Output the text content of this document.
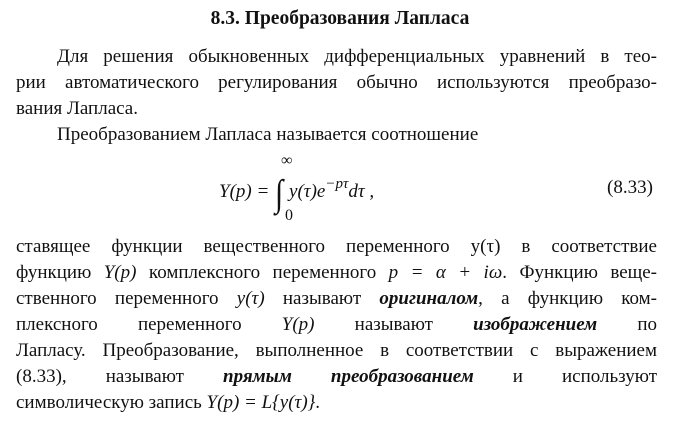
8.3. Преобразования Лапласа
Для решения обыкновенных дифференциальных уравнений в тео-
рии автоматического регулирования обычно используются преобразо-
вания Лапласа.
Преобразованием Лапласа называется соотношение
∞
Y(p) = ∫ $y(\tau)e^{-p\tau}d\tau$ ,
0
(8.33)
ставящее функции вещественного переменного y(τ) в соответствие
функцию Y(p) комплексного переменного p = α + iω. Функцию веще-
ственного переменного y(τ) называют оригиналом, а функцию ком-
плексного переменного Y(p) называют изображением по
Лапласу. Преобразование, выполненное в соответствии с выражением
(8.33), называют прямым преобразованием и используют
символическую запись Y(p) = L{y(τ)}.
